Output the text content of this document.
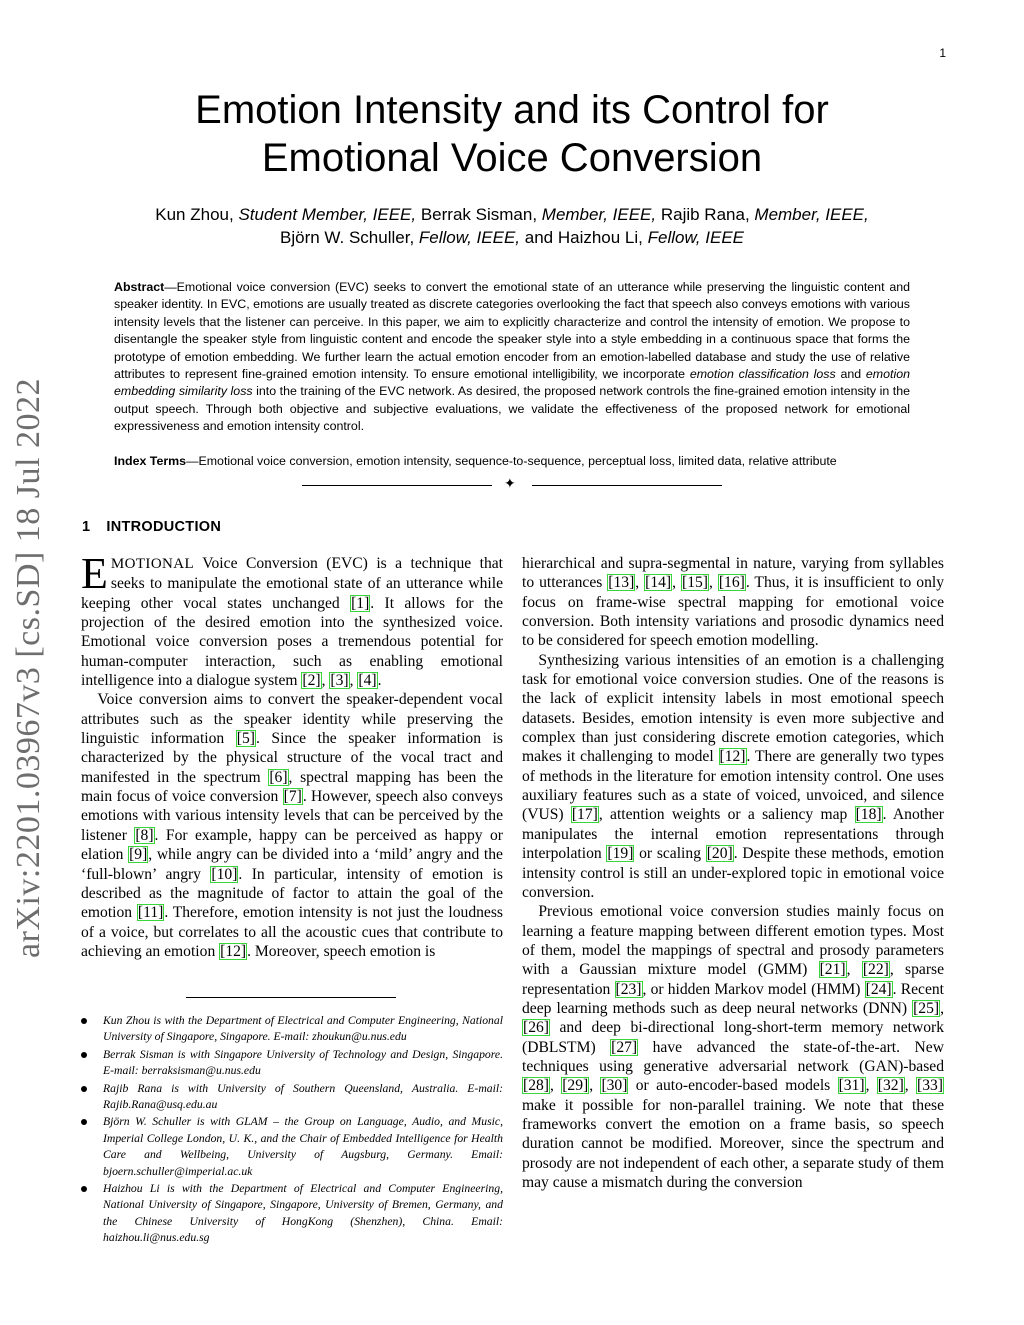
1
arXiv:2201.03967v3 [cs.SD] 18 Jul 2022
Emotion Intensity and its Control for
Emotional Voice Conversion
Kun Zhou, Student Member, IEEE, Berrak Sisman, Member, IEEE, Rajib Rana, Member, IEEE,
Björn W. Schuller, Fellow, IEEE, and Haizhou Li, Fellow, IEEE
Abstract—Emotional voice conversion (EVC) seeks to convert the emotional state of an utterance while preserving the linguistic content and speaker identity. In EVC, emotions are usually treated as discrete categories overlooking the fact that speech also conveys emotions with various intensity levels that the listener can perceive. In this paper, we aim to explicitly characterize and control the intensity of emotion. We propose to disentangle the speaker style from linguistic content and encode the speaker style into a style embedding in a continuous space that forms the prototype of emotion embedding. We further learn the actual emotion encoder from an emotion-labelled database and study the use of relative attributes to represent fine-grained emotion intensity. To ensure emotional intelligibility, we incorporate emotion classification loss and emotion embedding similarity loss into the training of the EVC network. As desired, the proposed network controls the fine-grained emotion intensity in the output speech. Through both objective and subjective evaluations, we validate the effectiveness of the proposed network for emotional expressiveness and emotion intensity control.
Index Terms—Emotional voice conversion, emotion intensity, sequence-to-sequence, perceptual loss, limited data, relative attribute
✦
1 INTRODUCTION

EMOTIONAL Voice Conversion (EVC) is a technique that seeks to manipulate the emotional state of an utterance while keeping other vocal states unchanged [1]. It allows for the projection of the desired emotion into the synthesized voice. Emotional voice conversion poses a tremendous potential for human-computer interaction, such as enabling emotional intelligence into a dialogue system [2], [3], [4].

Voice conversion aims to convert the speaker-dependent vocal attributes such as the speaker identity while preserving the linguistic information [5]. Since the speaker information is characterized by the physical structure of the vocal tract and manifested in the spectrum [6], spectral mapping has been the main focus of voice conversion [7]. However, speech also conveys emotions with various intensity levels that can be perceived by the listener [8]. For example, happy can be perceived as happy or elation [9], while angry can be divided into a ‘mild’ angry and the ‘full-blown’ angry [10]. In particular, intensity of emotion is described as the magnitude of factor to attain the goal of the emotion [11]. Therefore, emotion intensity is not just the loudness of a voice, but correlates to all the acoustic cues that contribute to achieving an emotion [12]. Moreover, speech emotion is

Kun Zhou is with the Department of Electrical and Computer Engineering, National University of Singapore, Singapore. E-mail: zhoukun@u.nus.edu
Berrak Sisman is with Singapore University of Technology and Design, Singapore. E-mail: berraksisman@u.nus.edu
Rajib Rana is with University of Southern Queensland, Australia. E-mail: Rajib.Rana@usq.edu.au
Björn W. Schuller is with GLAM – the Group on Language, Audio, and Music, Imperial College London, U. K., and the Chair of Embedded Intelligence for Health Care and Wellbeing, University of Augsburg, Germany. Email: bjoern.schuller@imperial.ac.uk
Haizhou Li is with the Department of Electrical and Computer Engineering, National University of Singapore, Singapore, University of Bremen, Germany, and the Chinese University of HongKong (Shenzhen), China. Email: haizhou.li@nus.edu.sg

hierarchical and supra-segmental in nature, varying from syllables to utterances [13], [14], [15], [16]. Thus, it is insufficient to only focus on frame-wise spectral mapping for emotional voice conversion. Both intensity variations and prosodic dynamics need to be considered for speech emotion modelling.

Synthesizing various intensities of an emotion is a challenging task for emotional voice conversion studies. One of the reasons is the lack of explicit intensity labels in most emotional speech datasets. Besides, emotion intensity is even more subjective and complex than just considering discrete emotion categories, which makes it challenging to model [12]. There are generally two types of methods in the literature for emotion intensity control. One uses auxiliary features such as a state of voiced, unvoiced, and silence (VUS) [17], attention weights or a saliency map [18]. Another manipulates the internal emotion representations through interpolation [19] or scaling [20]. Despite these methods, emotion intensity control is still an under-explored topic in emotional voice conversion.

Previous emotional voice conversion studies mainly focus on learning a feature mapping between different emotion types. Most of them, model the mappings of spectral and prosody parameters with a Gaussian mixture model (GMM) [21], [22], sparse representation [23], or hidden Markov model (HMM) [24]. Recent deep learning methods such as deep neural networks (DNN) [25], [26] and deep bi-directional long-short-term memory network (DBLSTM) [27] have advanced the state-of-the-art. New techniques using generative adversarial network (GAN)-based [28], [29], [30] or auto-encoder-based models [31], [32], [33] make it possible for non-parallel training. We note that these frameworks convert the emotion on a frame basis, so speech duration cannot be modified. Moreover, since the spectrum and prosody are not independent of each other, a separate study of them may cause a mismatch during the conversion
